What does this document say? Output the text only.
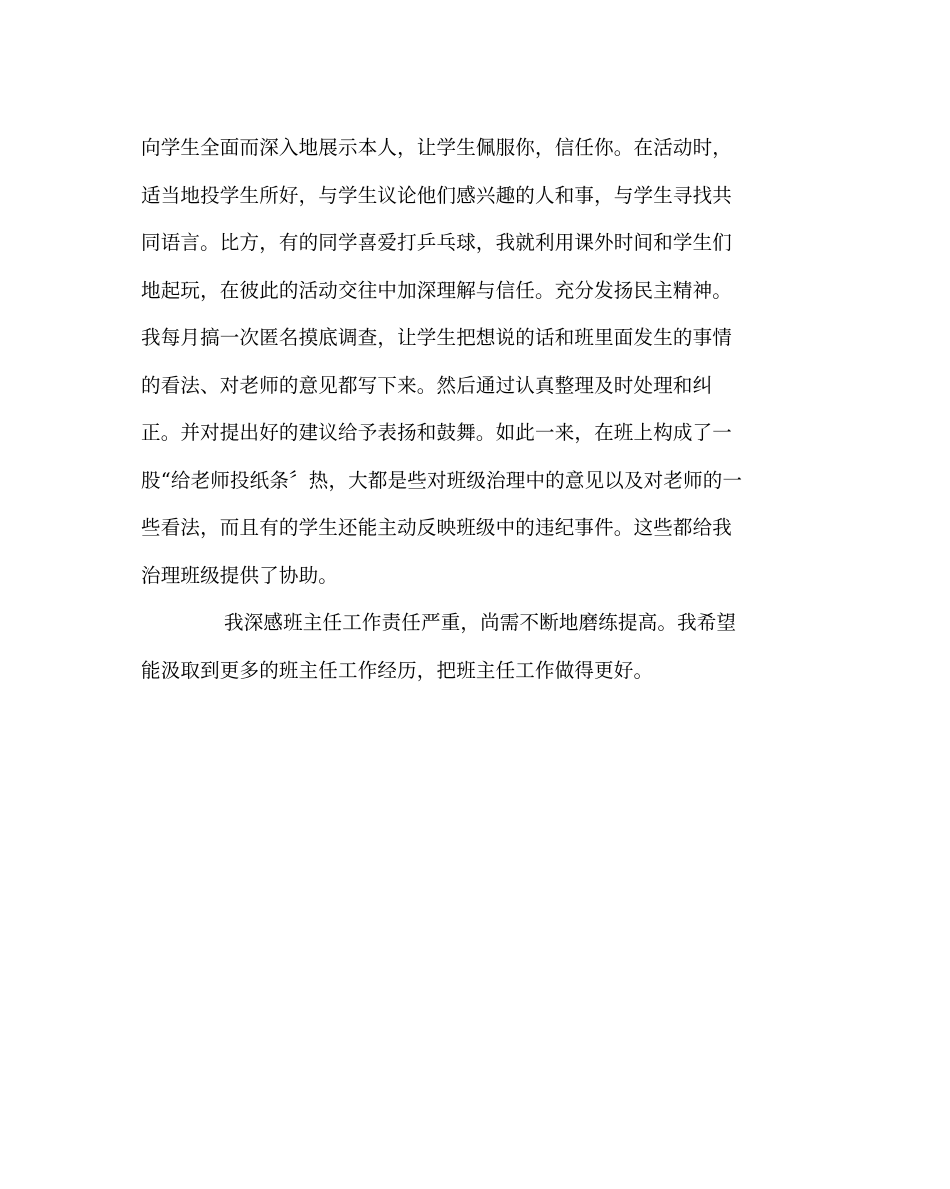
向学生全面而深入地展示本人，让学生佩服你，信任你。在活动时，
适当地投学生所好，与学生议论他们感兴趣的人和事，与学生寻找共
同语言。比方，有的同学喜爱打乒乓球，我就利用课外时间和学生们
地起玩，在彼此的活动交往中加深理解与信任。充分发扬民主精神。
我每月搞一次匿名摸底调查，让学生把想说的话和班里面发生的事情
的看法、对老师的意见都写下来。然后通过认真整理及时处理和纠
正。并对提出好的建议给予表扬和鼓舞。如此一来，在班上构成了一
股“给老师投纸条〞热，大都是些对班级治理中的意见以及对老师的一
些看法，而且有的学生还能主动反映班级中的违纪事件。这些都给我
治理班级提供了协助。
我深感班主任工作责任严重，尚需不断地磨练提高。我希望
能汲取到更多的班主任工作经历，把班主任工作做得更好。
